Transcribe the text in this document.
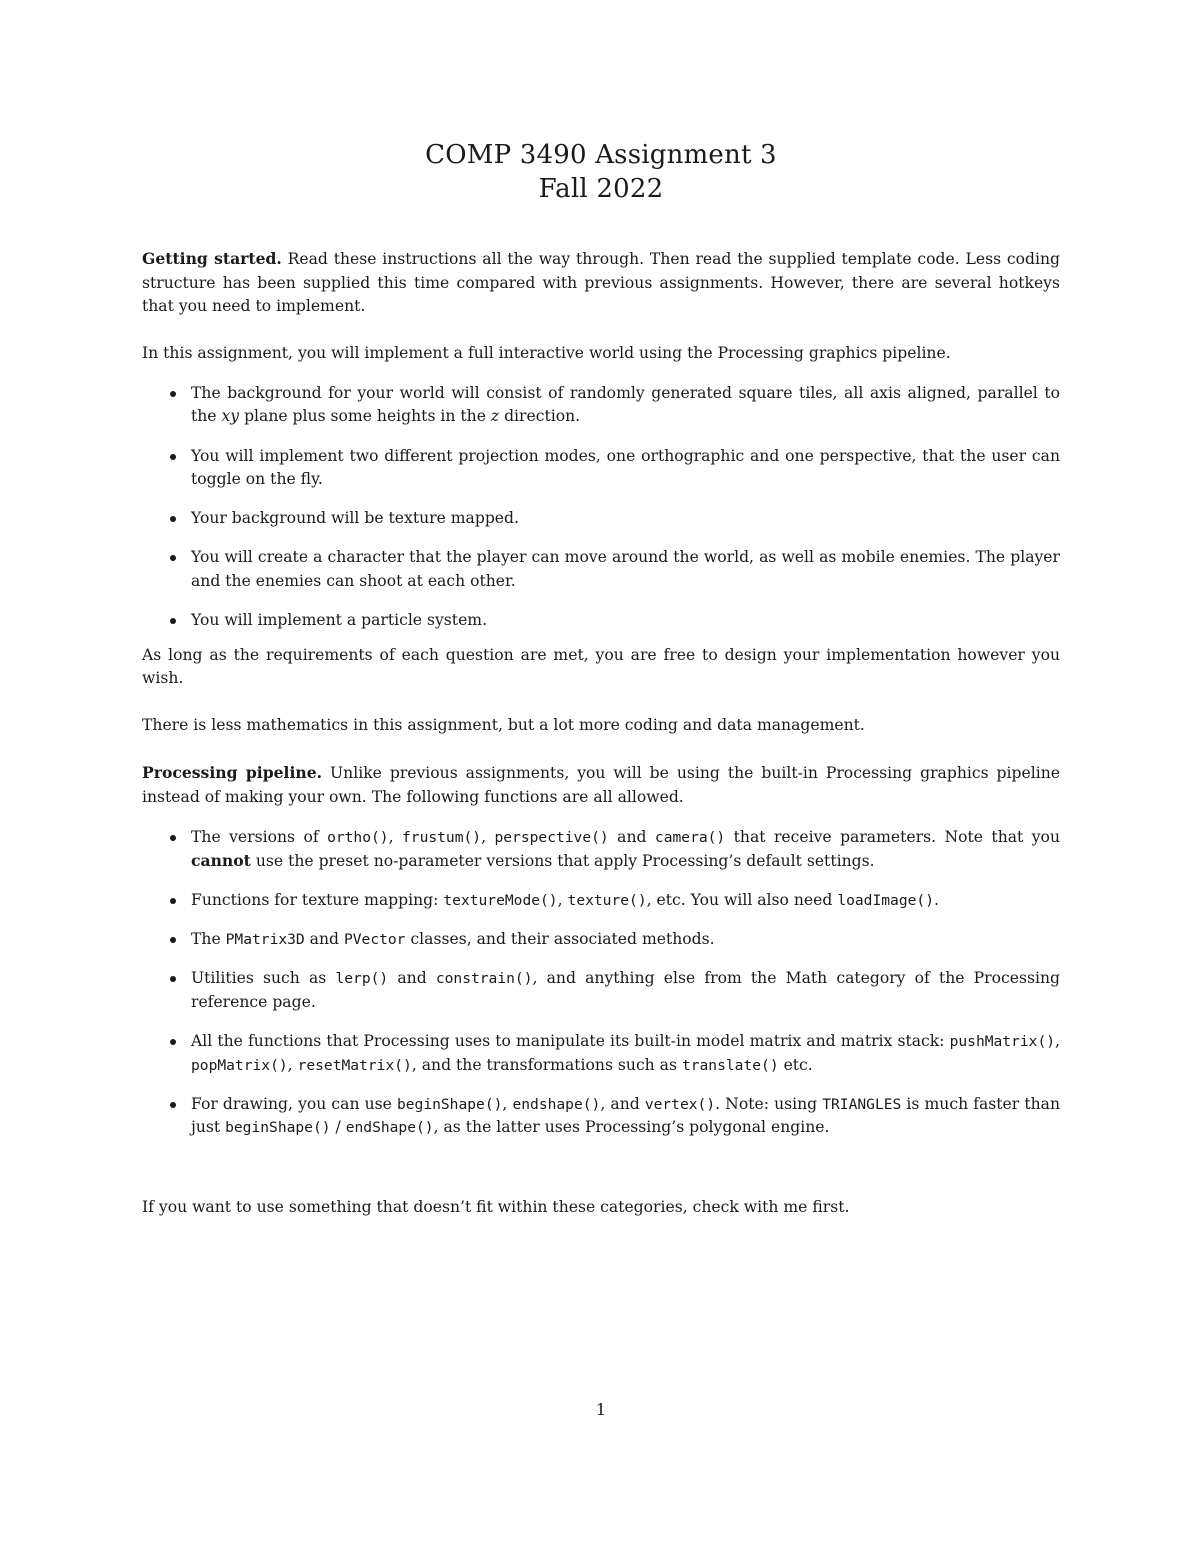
COMP 3490 Assignment 3
Fall 2022

Getting started. Read these instructions all the way through. Then read the supplied template code. Less coding structure has been supplied this time compared with previous assignments. However, there are several hotkeys that you need to implement.

In this assignment, you will implement a full interactive world using the Processing graphics pipeline.

The background for your world will consist of randomly generated square tiles, all axis aligned, parallel to the xy plane plus some heights in the z direction.
You will implement two different projection modes, one orthographic and one perspective, that the user can toggle on the fly.
Your background will be texture mapped.
You will create a character that the player can move around the world, as well as mobile enemies. The player and the enemies can shoot at each other.
You will implement a particle system.

As long as the requirements of each question are met, you are free to design your implementation however you wish.

There is less mathematics in this assignment, but a lot more coding and data management.

Processing pipeline. Unlike previous assignments, you will be using the built-in Processing graphics pipeline instead of making your own. The following functions are all allowed.

The versions of ortho(), frustum(), perspective() and camera() that receive parameters. Note that you cannot use the preset no-parameter versions that apply Processing’s default settings.
Functions for texture mapping: textureMode(), texture(), etc. You will also need loadImage().
The PMatrix3D and PVector classes, and their associated methods.
Utilities such as lerp() and constrain(), and anything else from the Math category of the Processing reference page.
All the functions that Processing uses to manipulate its built-in model matrix and matrix stack: pushMatrix(), popMatrix(), resetMatrix(), and the transformations such as translate() etc.
For drawing, you can use beginShape(), endshape(), and vertex(). Note: using TRIANGLES is much faster than just beginShape() / endShape(), as the latter uses Processing’s polygonal engine.

If you want to use something that doesn’t fit within these categories, check with me first.

1
